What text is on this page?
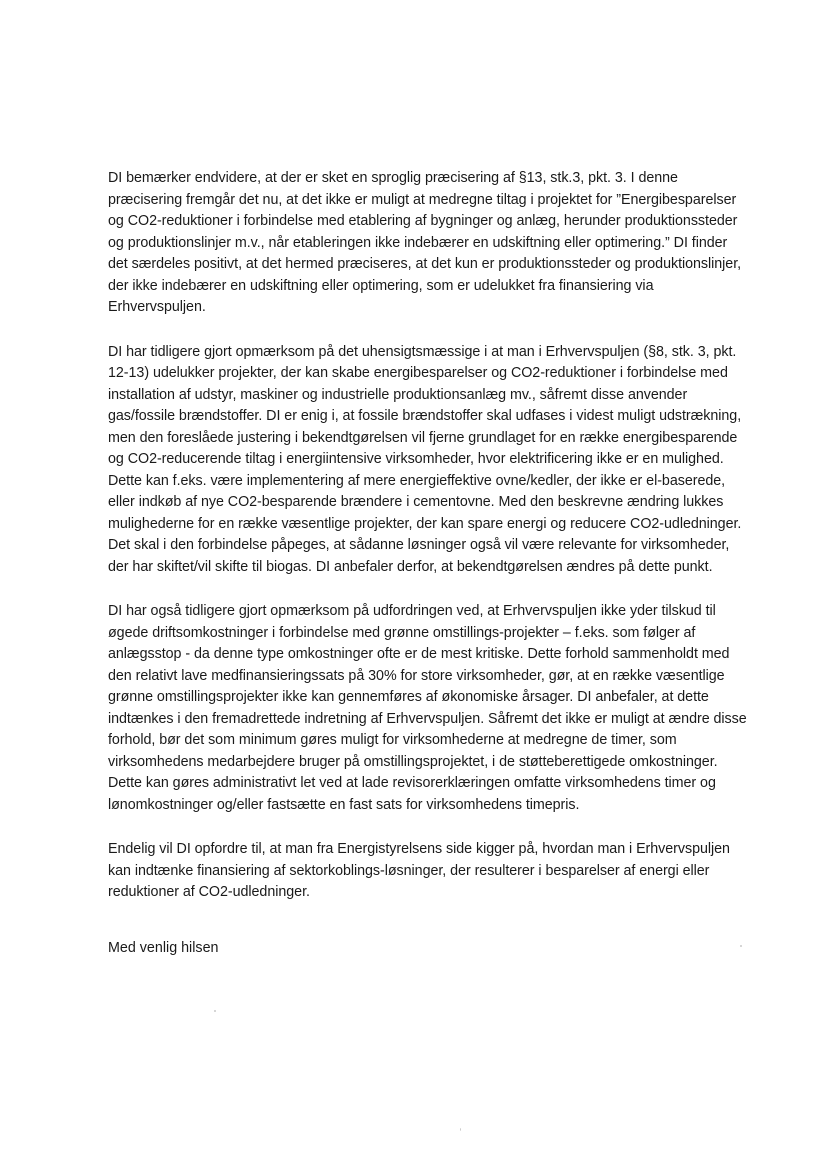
DI bemærker endvidere, at der er sket en sproglig præcisering af §13, stk.3, pkt. 3. I denne præcisering fremgår det nu, at det ikke er muligt at medregne tiltag i projektet for ”Energibesparelser og CO2-reduktioner i forbindelse med etablering af bygninger og anlæg, herunder produktionssteder og produktionslinjer m.v., når etableringen ikke indebærer en udskiftning eller optimering.” DI finder det særdeles positivt, at det hermed præciseres, at det kun er produktionssteder og produktionslinjer, der ikke indebærer en udskiftning eller optimering, som er udelukket fra finansiering via Erhvervspuljen.

DI har tidligere gjort opmærksom på det uhensigtsmæssige i at man i Erhvervspuljen (§8, stk. 3, pkt. 12-13) udelukker projekter, der kan skabe energibesparelser og CO2-reduktioner i forbindelse med installation af udstyr, maskiner og industrielle produktionsanlæg mv., såfremt disse anvender gas/fossile brændstoffer. DI er enig i, at fossile brændstoffer skal udfases i videst muligt udstrækning, men den foreslåede justering i bekendtgørelsen vil fjerne grundlaget for en række energibesparende og CO2-reducerende tiltag i energiintensive virksomheder, hvor elektrificering ikke er en mulighed. Dette kan f.eks. være implementering af mere energieffektive ovne/kedler, der ikke er el-baserede, eller indkøb af nye CO2-besparende brændere i cementovne. Med den beskrevne ændring lukkes mulighederne for en række væsentlige projekter, der kan spare energi og reducere CO2-udledninger. Det skal i den forbindelse påpeges, at sådanne løsninger også vil være relevante for virksomheder, der har skiftet/vil skifte til biogas. DI anbefaler derfor, at bekendtgørelsen ændres på dette punkt.

DI har også tidligere gjort opmærksom på udfordringen ved, at Erhvervspuljen ikke yder tilskud til øgede driftsomkostninger i forbindelse med grønne omstillings-projekter – f.eks. som følger af anlægsstop - da denne type omkostninger ofte er de mest kritiske. Dette forhold sammenholdt med den relativt lave medfinansieringssats på 30% for store virksomheder, gør, at en række væsentlige grønne omstillingsprojekter ikke kan gennemføres af økonomiske årsager. DI anbefaler, at dette indtænkes i den fremadrettede indretning af Erhvervspuljen. Såfremt det ikke er muligt at ændre disse forhold, bør det som minimum gøres muligt for virksomhederne at medregne de timer, som virksomhedens medarbejdere bruger på omstillingsprojektet, i de støtteberettigede omkostninger. Dette kan gøres administrativt let ved at lade revisorerklæringen omfatte virksomhedens timer og lønomkostninger og/eller fastsætte en fast sats for virksomhedens timepris.

Endelig vil DI opfordre til, at man fra Energistyrelsens side kigger på, hvordan man i Erhvervspuljen kan indtænke finansiering af sektorkoblings-løsninger, der resulterer i besparelser af energi eller reduktioner af CO2-udledninger.

Med venlig hilsen
